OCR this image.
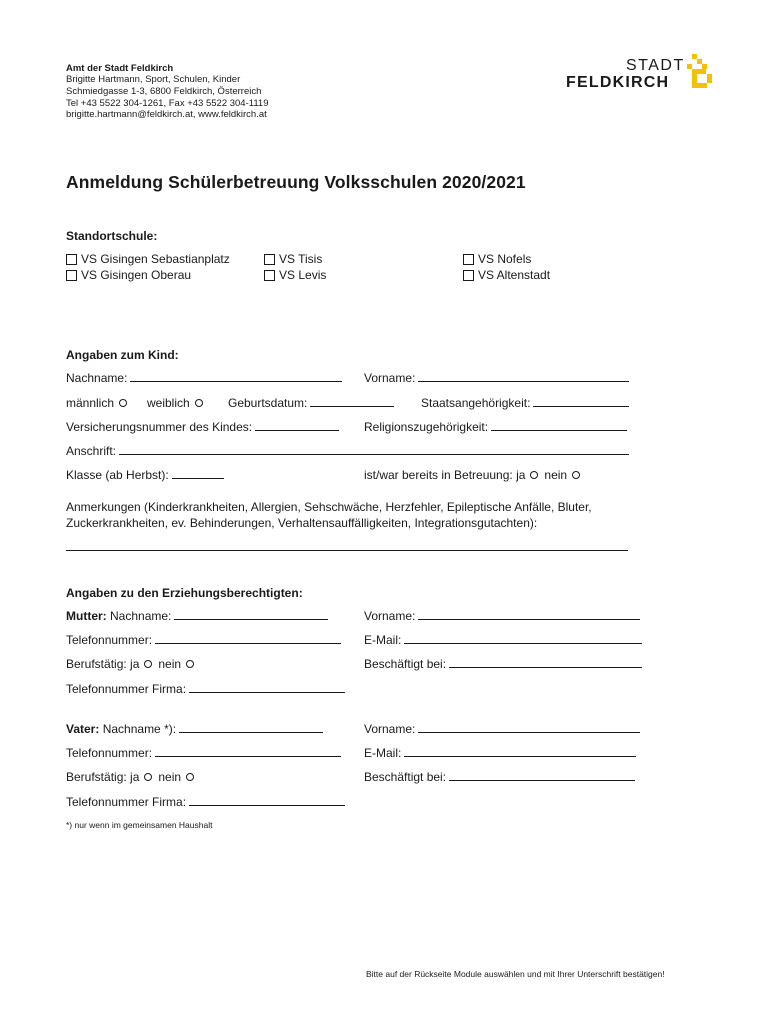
Amt der Stadt Feldkirch
Brigitte Hartmann, Sport, Schulen, Kinder
Schmiedgasse 1-3, 6800 Feldkirch, Österreich
Tel +43 5522 304-1261, Fax +43 5522 304-1119
brigitte.hartmann@feldkirch.at, www.feldkirch.at
STADT
FELDKIRCH
Anmeldung Schülerbetreuung Volksschulen 2020/2021
Standortschule:
VS Gisingen Sebastianplatz
VS Gisingen Oberau
VS Tisis
VS Levis
VS Nofels
VS Altenstadt
Angaben zum Kind:
Nachname:	Vorname:
männlich	weiblich	Geburtsdatum:	Staatsangehörigkeit:
Versicherungsnummer des Kindes:	Religionszugehörigkeit:
Anschrift:
Klasse (ab Herbst):	ist/war bereits in Betreuung: ja nein
Anmerkungen (Kinderkrankheiten, Allergien, Sehschwäche, Herzfehler, Epileptische Anfälle, Bluter,
Zuckerkrankheiten, ev. Behinderungen, Verhaltensauffälligkeiten, Integrationsgutachten):
Angaben zu den Erziehungsberechtigten:
Mutter: Nachname:	Vorname:
Telefonnummer:	E-Mail:
Berufstätig: ja nein	Beschäftigt bei:
Telefonnummer Firma:
Vater: Nachname *):	Vorname:
Telefonnummer:	E-Mail:
Berufstätig: ja nein	Beschäftigt bei:
Telefonnummer Firma:
*) nur wenn im gemeinsamen Haushalt
Bitte auf der Rückseite Module auswählen und mit Ihrer Unterschrift bestätigen!
